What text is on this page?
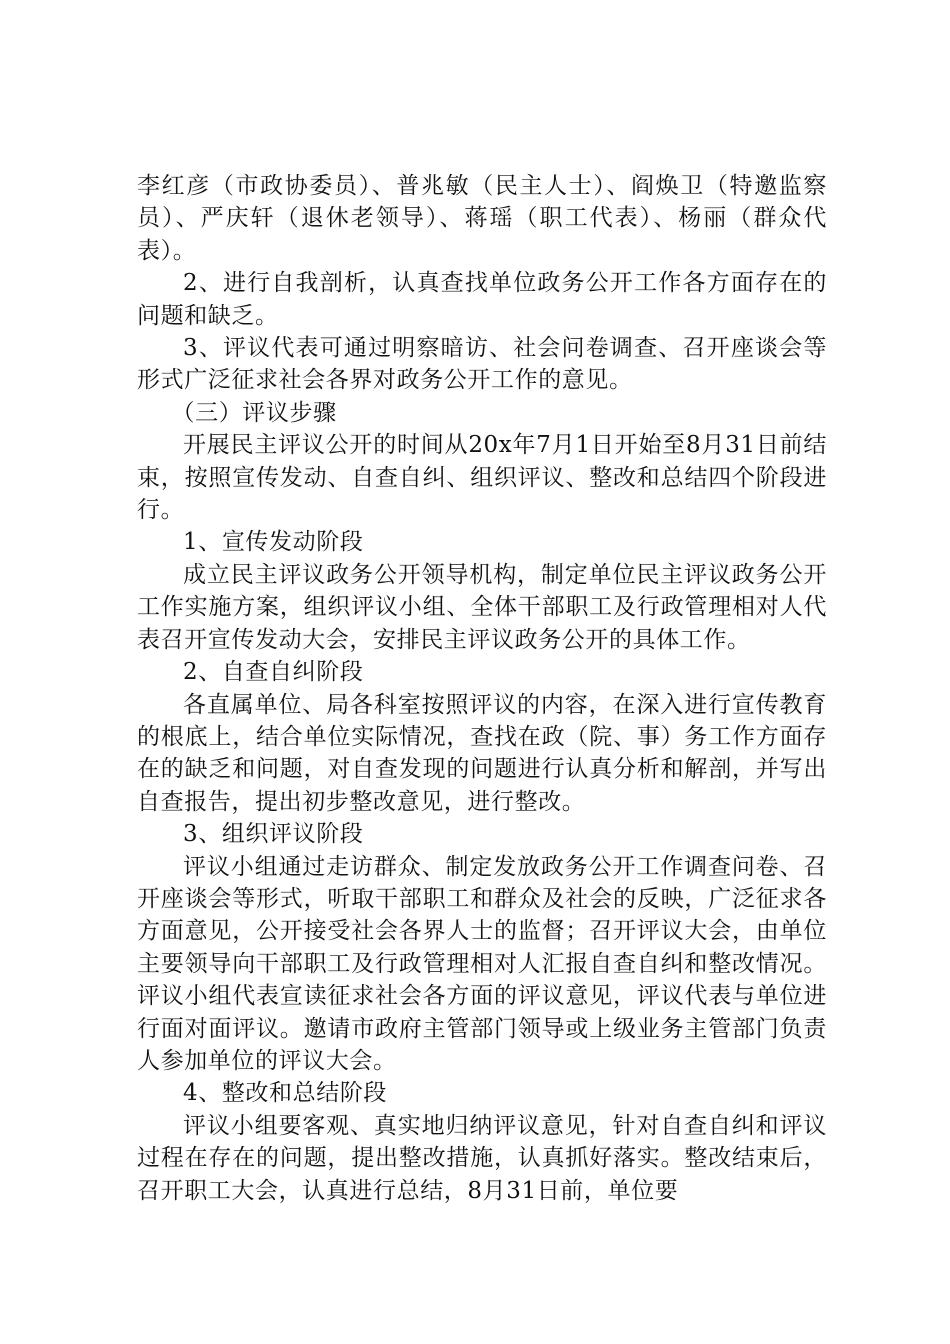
李红彦（市政协委员）、普兆敏（民主人士）、阎焕卫（特邀监察员）、严庆轩（退休老领导）、蒋瑶（职工代表）、杨丽（群众代表）。

2、进行自我剖析，认真查找单位政务公开工作各方面存在的问题和缺乏。

3、评议代表可通过明察暗访、社会问卷调查、召开座谈会等形式广泛征求社会各界对政务公开工作的意见。

（三）评议步骤

开展民主评议公开的时间从20x年7月1日开始至8月31日前结束，按照宣传发动、自查自纠、组织评议、整改和总结四个阶段进行。

1、宣传发动阶段

成立民主评议政务公开领导机构，制定单位民主评议政务公开工作实施方案，组织评议小组、全体干部职工及行政管理相对人代表召开宣传发动大会，安排民主评议政务公开的具体工作。

2、自查自纠阶段

各直属单位、局各科室按照评议的内容，在深入进行宣传教育的根底上，结合单位实际情况，查找在政（院、事）务工作方面存在的缺乏和问题，对自查发现的问题进行认真分析和解剖，并写出自查报告，提出初步整改意见，进行整改。

3、组织评议阶段

评议小组通过走访群众、制定发放政务公开工作调查问卷、召开座谈会等形式，听取干部职工和群众及社会的反映，广泛征求各方面意见，公开接受社会各界人士的监督；召开评议大会，由单位主要领导向干部职工及行政管理相对人汇报自查自纠和整改情况。评议小组代表宣读征求社会各方面的评议意见，评议代表与单位进行面对面评议。邀请市政府主管部门领导或上级业务主管部门负责人参加单位的评议大会。

4、整改和总结阶段

评议小组要客观、真实地归纳评议意见，针对自查自纠和评议过程在存在的问题，提出整改措施，认真抓好落实。整改结束后，召开职工大会，认真进行总结，8月31日前，单位要
